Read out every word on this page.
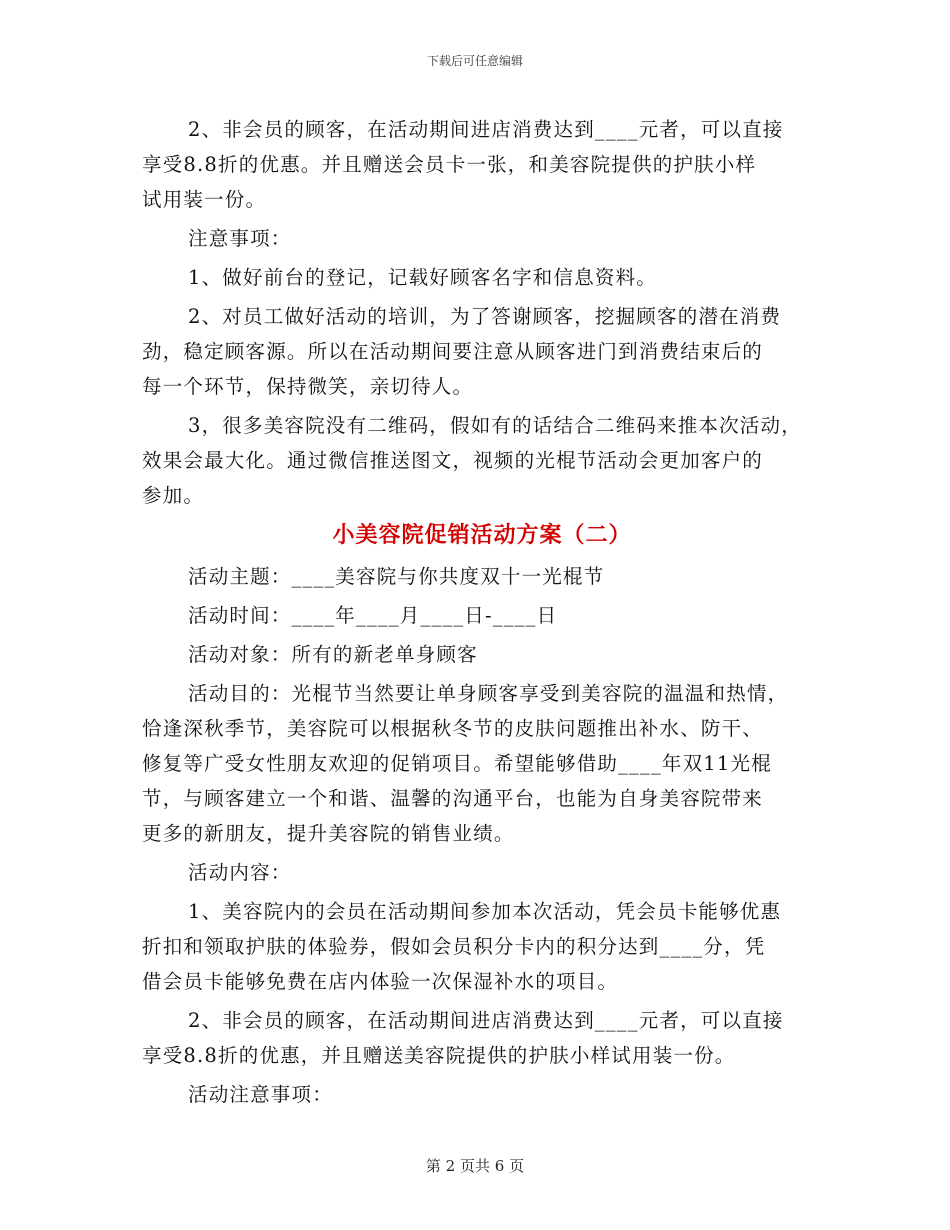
下载后可任意编辑
2、非会员的顾客，在活动期间进店消费达到____元者，可以直接
享受8.8折的优惠。并且赠送会员卡一张，和美容院提供的护肤小样
试用装一份。
注意事项：
1、做好前台的登记，记载好顾客名字和信息资料。
2、对员工做好活动的培训，为了答谢顾客，挖掘顾客的潜在消费
劲，稳定顾客源。所以在活动期间要注意从顾客进门到消费结束后的
每一个环节，保持微笑，亲切待人。
3，很多美容院没有二维码，假如有的话结合二维码来推本次活动，
效果会最大化。通过微信推送图文，视频的光棍节活动会更加客户的
参加。
小美容院促销活动方案（二）
活动主题：____美容院与你共度双十一光棍节
活动时间：____年____月____日-____日
活动对象：所有的新老单身顾客
活动目的：光棍节当然要让单身顾客享受到美容院的温温和热情，
恰逢深秋季节，美容院可以根据秋冬节的皮肤问题推出补水、防干、
修复等广受女性朋友欢迎的促销项目。希望能够借助____年双11光棍
节，与顾客建立一个和谐、温馨的沟通平台，也能为自身美容院带来
更多的新朋友，提升美容院的销售业绩。
活动内容：
1、美容院内的会员在活动期间参加本次活动，凭会员卡能够优惠
折扣和领取护肤的体验券，假如会员积分卡内的积分达到____分，凭
借会员卡能够免费在店内体验一次保湿补水的项目。
2、非会员的顾客，在活动期间进店消费达到____元者，可以直接
享受8.8折的优惠，并且赠送美容院提供的护肤小样试用装一份。
活动注意事项：
第 2 页共 6 页
